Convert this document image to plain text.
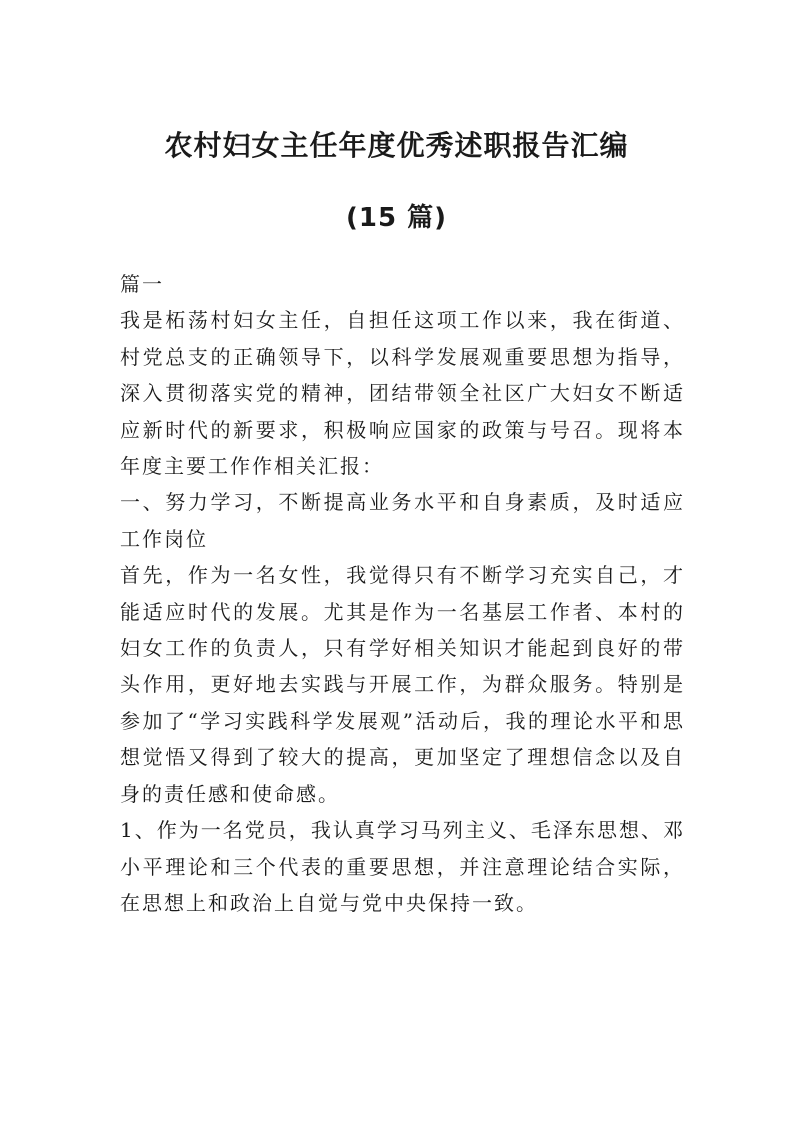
农村妇女主任年度优秀述职报告汇编
(15 篇)

篇一

我是柘荡村妇女主任，自担任这项工作以来，我在街道、村党总支的正确领导下，以科学发展观重要思想为指导，深入贯彻落实党的精神，团结带领全社区广大妇女不断适应新时代的新要求，积极响应国家的政策与号召。现将本年度主要工作作相关汇报：

一、努力学习，不断提高业务水平和自身素质，及时适应工作岗位

首先，作为一名女性，我觉得只有不断学习充实自己，才能适应时代的发展。尤其是作为一名基层工作者、本村的妇女工作的负责人，只有学好相关知识才能起到良好的带头作用，更好地去实践与开展工作，为群众服务。特别是参加了“学习实践科学发展观”活动后，我的理论水平和思想觉悟又得到了较大的提高，更加坚定了理想信念以及自身的责任感和使命感。

1、作为一名党员，我认真学习马列主义、毛泽东思想、邓小平理论和三个代表的重要思想，并注意理论结合实际，在思想上和政治上自觉与党中央保持一致。
